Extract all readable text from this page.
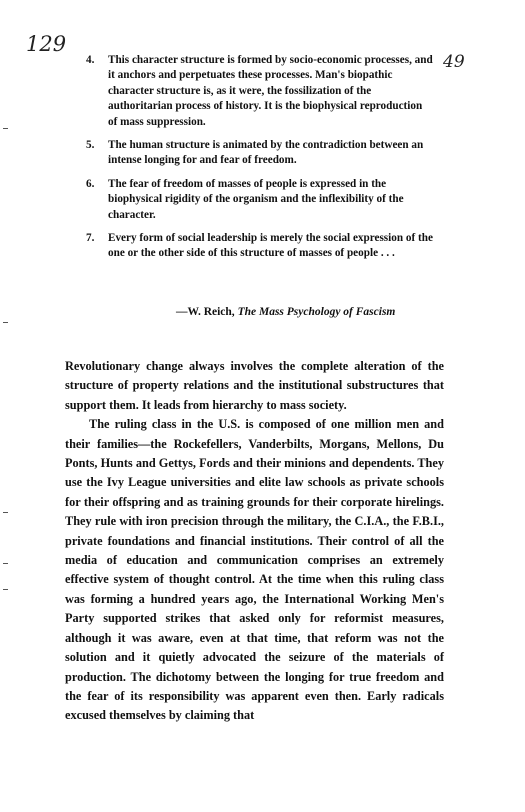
129
49
4. This character structure is formed by socio-economic processes, and it anchors and perpetuates these processes. Man's biopathic character structure is, as it were, the fossilization of the authoritarian process of history. It is the biophysical reproduction of mass suppression.

5. The human structure is animated by the contradiction between an intense longing for and fear of freedom.

6. The fear of freedom of masses of people is expressed in the biophysical rigidity of the organism and the inflexibility of the character.

7. Every form of social leadership is merely the social expression of the one or the other side of this structure of masses of people . . .

—W. Reich, The Mass Psychology of Fascism

Revolutionary change always involves the complete alteration of the structure of property relations and the institutional substructures that support them. It leads from hierarchy to mass society.

The ruling class in the U.S. is composed of one million men and their families—the Rockefellers, Vanderbilts, Morgans, Mellons, Du Ponts, Hunts and Gettys, Fords and their minions and dependents. They use the Ivy League universities and elite law schools as private schools for their offspring and as training grounds for their corporate hirelings. They rule with iron precision through the military, the C.I.A., the F.B.I., private foundations and financial institutions. Their control of all the media of education and communication comprises an extremely effective system of thought control. At the time when this ruling class was forming a hundred years ago, the International Working Men's Party supported strikes that asked only for reformist measures, although it was aware, even at that time, that reform was not the solution and it quietly advocated the seizure of the materials of production. The dichotomy between the longing for true freedom and the fear of its responsibility was apparent even then. Early radicals excused themselves by claiming that
